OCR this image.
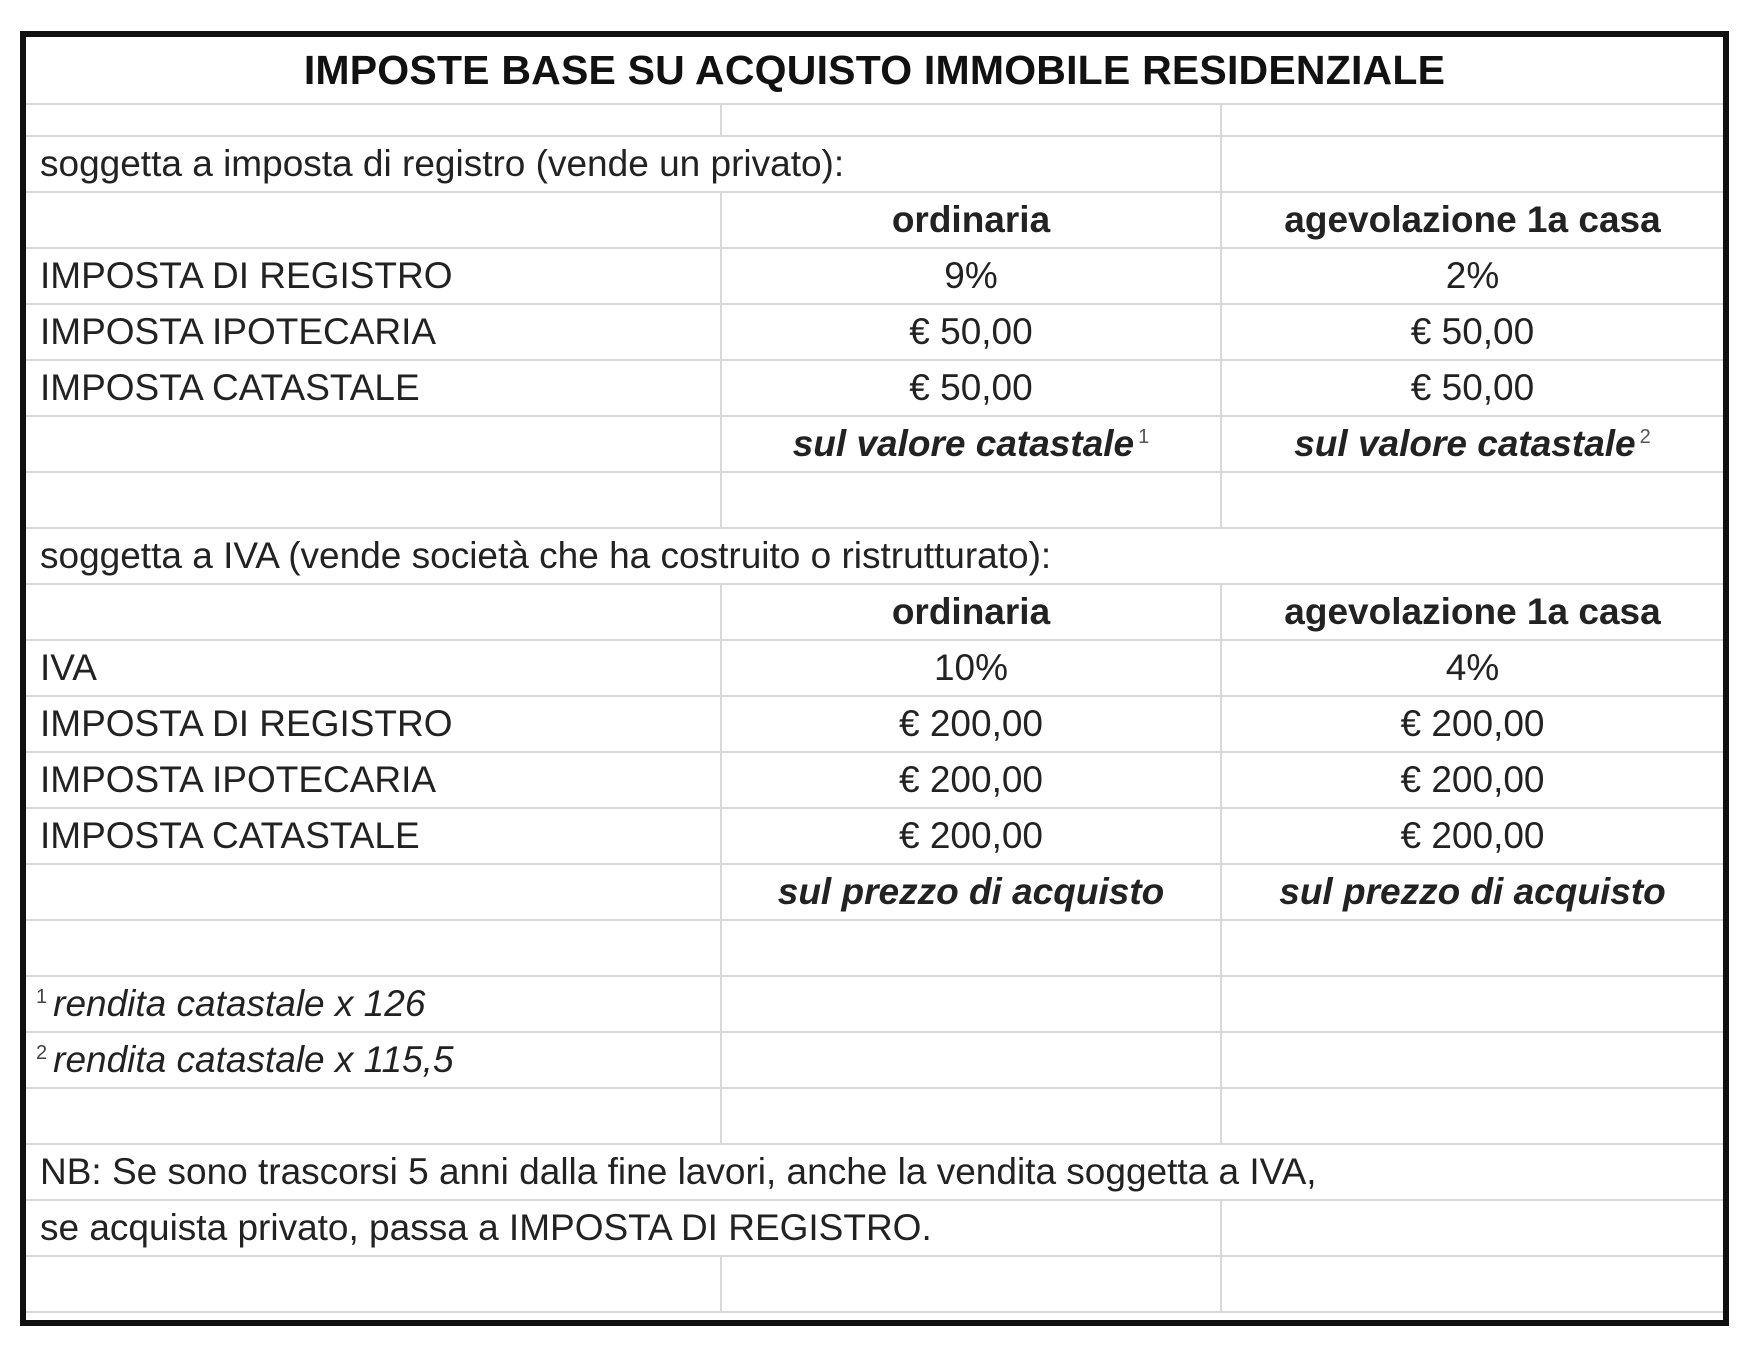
IMPOSTE BASE SU ACQUISTO IMMOBILE RESIDENZIALE

soggetta a imposta di registro (vende un privato):		
	ordinaria	agevolazione 1a casa
IMPOSTA DI REGISTRO	9%	2%
IMPOSTA IPOTECARIA	€ 50,00	€ 50,00
IMPOSTA CATASTALE	€ 50,00	€ 50,00
	sul valore catastale $^1$	sul valore catastale $^2$

soggetta a IVA (vende società che ha costruito o ristrutturato):		
	ordinaria	agevolazione 1a casa
IVA	10%	4%
IMPOSTA DI REGISTRO	€ 200,00	€ 200,00
IMPOSTA IPOTECARIA	€ 200,00	€ 200,00
IMPOSTA CATASTALE	€ 200,00	€ 200,00
	sul prezzo di acquisto	sul prezzo di acquisto

$^1$ rendita catastale x 126		
$^2$ rendita catastale x 115,5		

NB: Se sono trascorsi 5 anni dalla fine lavori, anche la vendita soggetta a IVA,		
se acquista privato, passa a IMPOSTA DI REGISTRO.		
